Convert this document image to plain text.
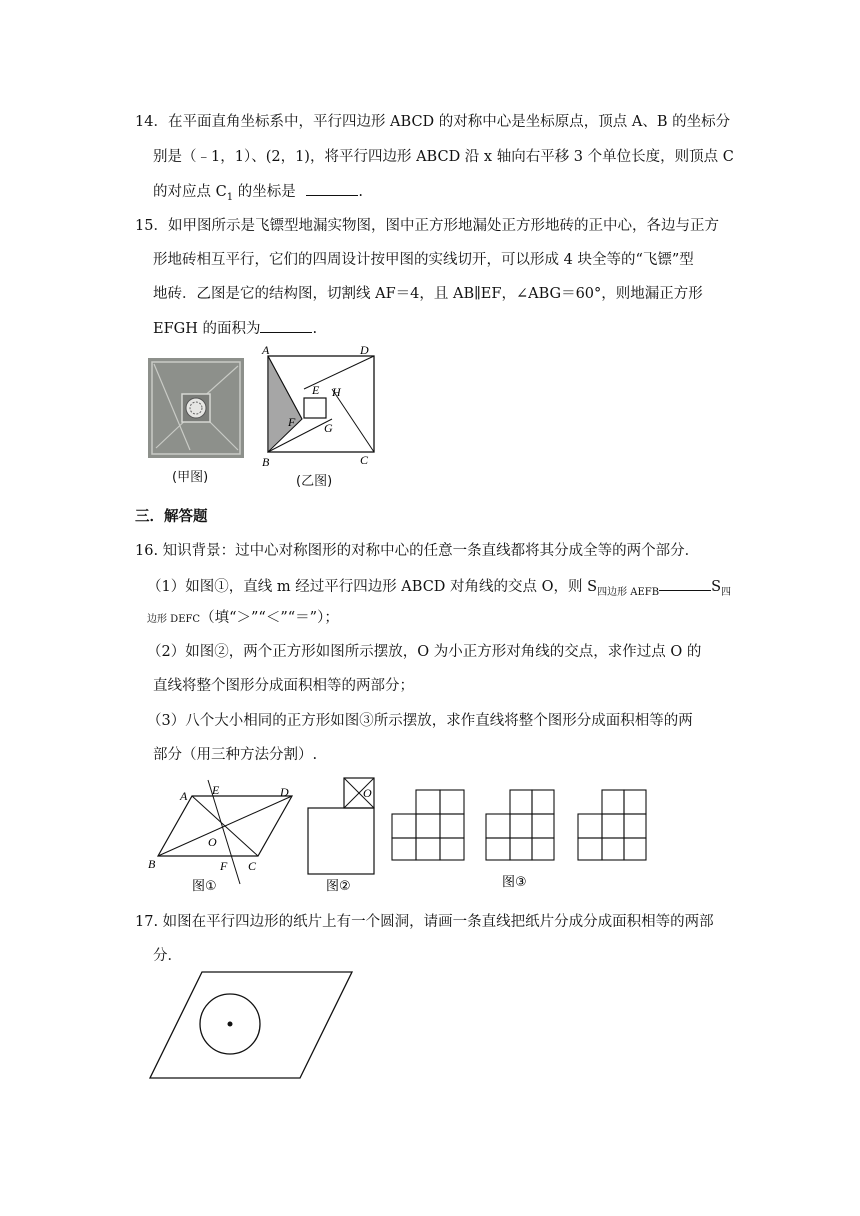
14．在平面直角坐标系中，平行四边形 ABCD 的对称中心是坐标原点，顶点 A、B 的坐标分
别是（﹣1，1）、(2，1)，将平行四边形 ABCD 沿 x 轴向右平移 3 个单位长度，则顶点 C
的对应点 $C_1$ 的坐标是	.
15．如甲图所示是飞镖型地漏实物图，图中正方形地漏处正方形地砖的正中心，各边与正方
形地砖相互平行，它们的四周设计按甲图的实线切开，可以形成 4 块全等的“飞镖”型
地砖．乙图是它的结构图，切割线 AF＝4，且 AB∥EF，∠ABG＝60°，则地漏正方形
EFGH 的面积为	.
(甲图)
A
B	C
D
E
F G
H
(乙图)
三．解答题
16. 知识背景：过中心对称图形的对称中心的任意一条直线都将其分成全等的两个部分．
（1）如图①，直线 m 经过平行四边形 ABCD 对角线的交点 O，则 $S_{四边形 AEFB}$	$S_四$
边形 DEFC（填“＞”“＜”“＝”）；
（2）如图②，两个正方形如图所示摆放，O 为小正方形对角线的交点，求作过点 O 的
直线将整个图形分成面积相等的两部分；
（3）八个大小相同的正方形如图③所示摆放，求作直线将整个图形分成面积相等的两
部分（用三种方法分割）.
A E	D
O
B	F C
图①
O
图②	图③
17. 如图在平行四边形的纸片上有一个圆洞，请画一条直线把纸片分成分成面积相等的两部
分．
